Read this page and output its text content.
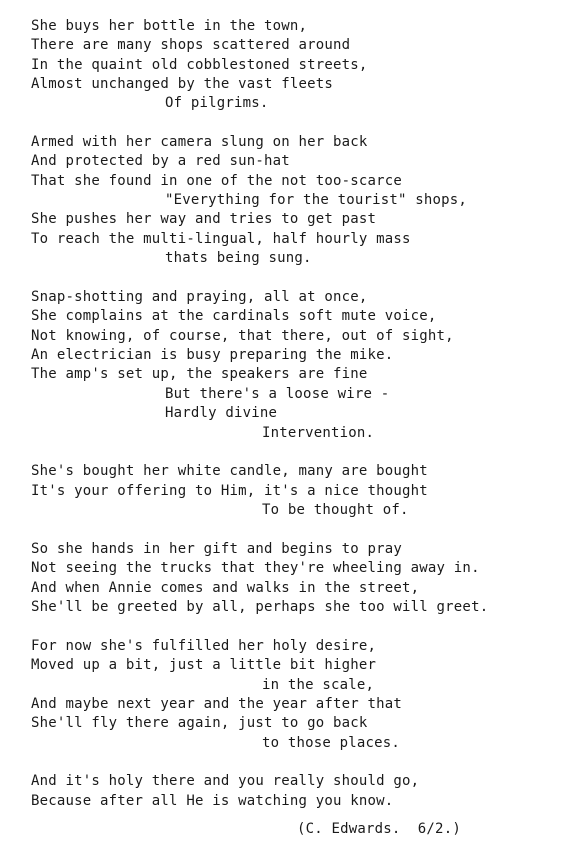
She buys her bottle in the town,
There are many shops scattered around
In the quaint old cobblestoned streets,
Almost unchanged by the vast fleets
Of pilgrims.
Armed with her camera slung on her back
And protected by a red sun-hat
That she found in one of the not too-scarce
"Everything for the tourist" shops,
She pushes her way and tries to get past
To reach the multi-lingual, half hourly mass
thats being sung.
Snap-shotting and praying, all at once,
She complains at the cardinals soft mute voice,
Not knowing, of course, that there, out of sight,
An electrician is busy preparing the mike.
The amp's set up, the speakers are fine
But there's a loose wire -
Hardly divine
Intervention.
She's bought her white candle, many are bought
It's your offering to Him, it's a nice thought
To be thought of.
So she hands in her gift and begins to pray
Not seeing the trucks that they're wheeling away in.
And when Annie comes and walks in the street,
She'll be greeted by all, perhaps she too will greet.
For now she's fulfilled her holy desire,
Moved up a bit, just a little bit higher
in the scale,
And maybe next year and the year after that
She'll fly there again, just to go back
to those places.
And it's holy there and you really should go,
Because after all He is watching you know.
(C. Edwards.  6/2.)
